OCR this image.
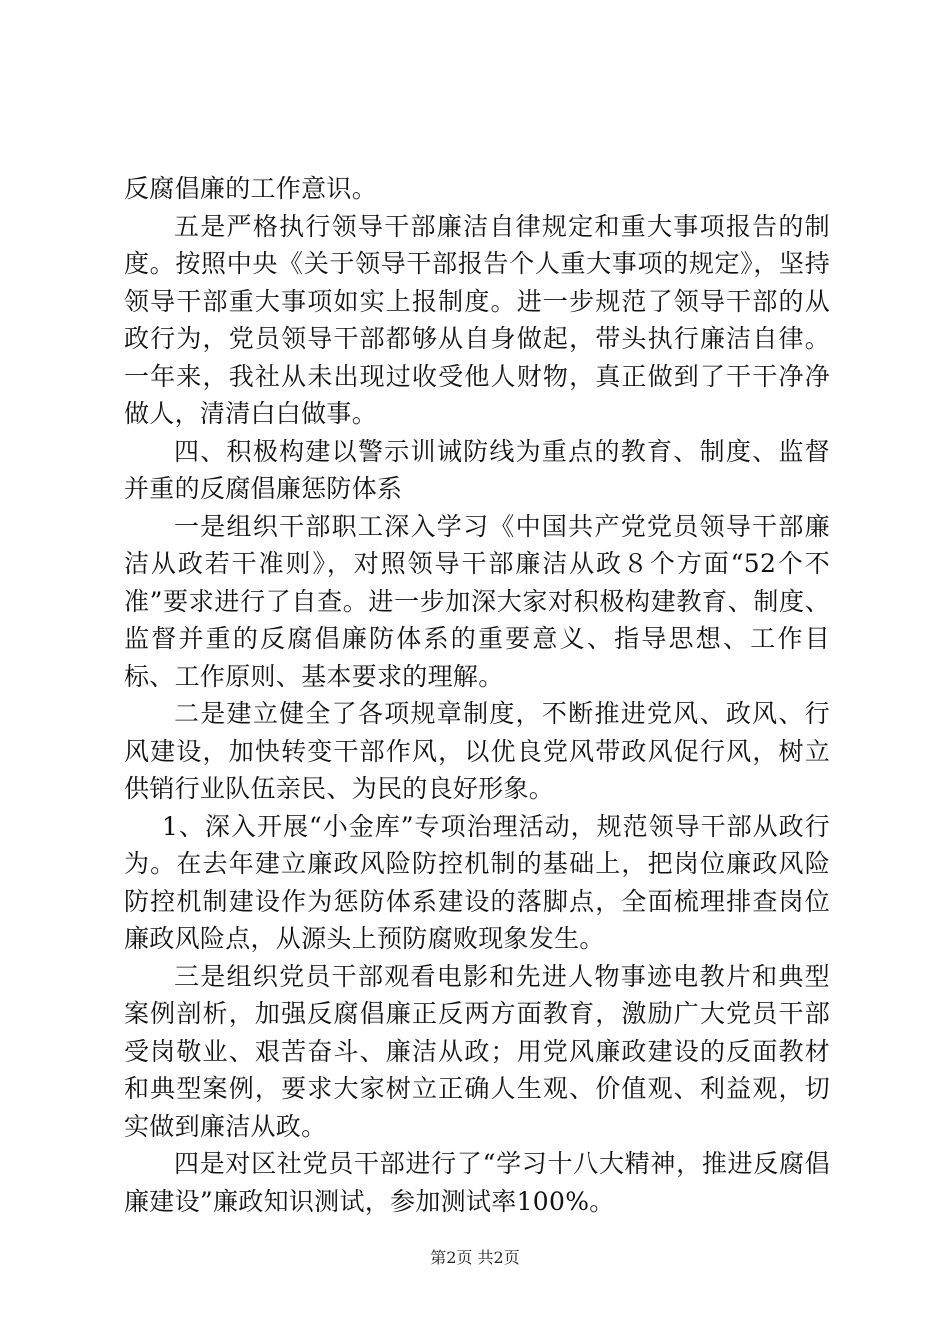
反腐倡廉的工作意识。

五是严格执行领导干部廉洁自律规定和重大事项报告的制度。按照中央《关于领导干部报告个人重大事项的规定》，坚持领导干部重大事项如实上报制度。进一步规范了领导干部的从政行为，党员领导干部都够从自身做起，带头执行廉洁自律。一年来，我社从未出现过收受他人财物，真正做到了干干净净做人，清清白白做事。

四、积极构建以警示训诫防线为重点的教育、制度、监督并重的反腐倡廉惩防体系

一是组织干部职工深入学习《中国共产党党员领导干部廉洁从政若干准则》，对照领导干部廉洁从政８个方面“52个不准”要求进行了自查。进一步加深大家对积极构建教育、制度、监督并重的反腐倡廉防体系的重要意义、指导思想、工作目标、工作原则、基本要求的理解。

二是建立健全了各项规章制度，不断推进党风、政风、行风建设，加快转变干部作风，以优良党风带政风促行风，树立供销行业队伍亲民、为民的良好形象。

1、深入开展“小金库”专项治理活动，规范领导干部从政行为。在去年建立廉政风险防控机制的基础上，把岗位廉政风险防控机制建设作为惩防体系建设的落脚点，全面梳理排查岗位廉政风险点，从源头上预防腐败现象发生。

三是组织党员干部观看电影和先进人物事迹电教片和典型案例剖析，加强反腐倡廉正反两方面教育，激励广大党员干部受岗敬业、艰苦奋斗、廉洁从政；用党风廉政建设的反面教材和典型案例，要求大家树立正确人生观、价值观、利益观，切实做到廉洁从政。

四是对区社党员干部进行了“学习十八大精神，推进反腐倡廉建设”廉政知识测试，参加测试率100%。

第2页 共2页
